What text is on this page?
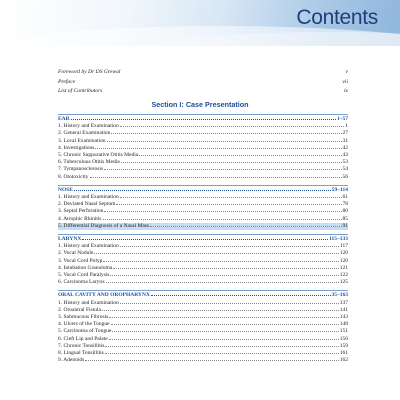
Contents
Foreword by Dr DS Grewal	v
Preface	vii
List of Contributors	ix
Section I: Case Presentation
EAR	1–57
1. History and Examination	1
2. General Examination	27
3. Local Examination	31
4. Investigations	42
5. Chronic Suppurative Otitis Media	43
6. Tuberculous Otitis Media	53
7. Tympanosclerosis	54
8. Ototoxicity	56
NOSE	59–114
1. History and Examination	61
2. Deviated Nasal Septum	78
3. Septal Perforation	80
4. Atrophic Rhinitis	85
5. Differential Diagnosis of a Nasal Mass	91
LARYNX	115–133
1. History and Examination	117
2. Vocal Nodule	120
3. Vocal Cord Polyp	120
4. Intubation Granuloma	121
5. Vocal Cord Paralysis	122
6. Carcinoma Larynx	125
ORAL CAVITY AND OROPHARYNX	35–163
1. History and Examination	137
2. Oroantral Fistula	141
3. Submucous Fibrosis	143
4. Ulcers of the Tongue	148
5. Carcinoma of Tongue	151
6. Cleft Lip and Palate	156
7. Chronic Tonsillitis	159
8. Lingual Tonsillitis	161
9. Adenoids	162
